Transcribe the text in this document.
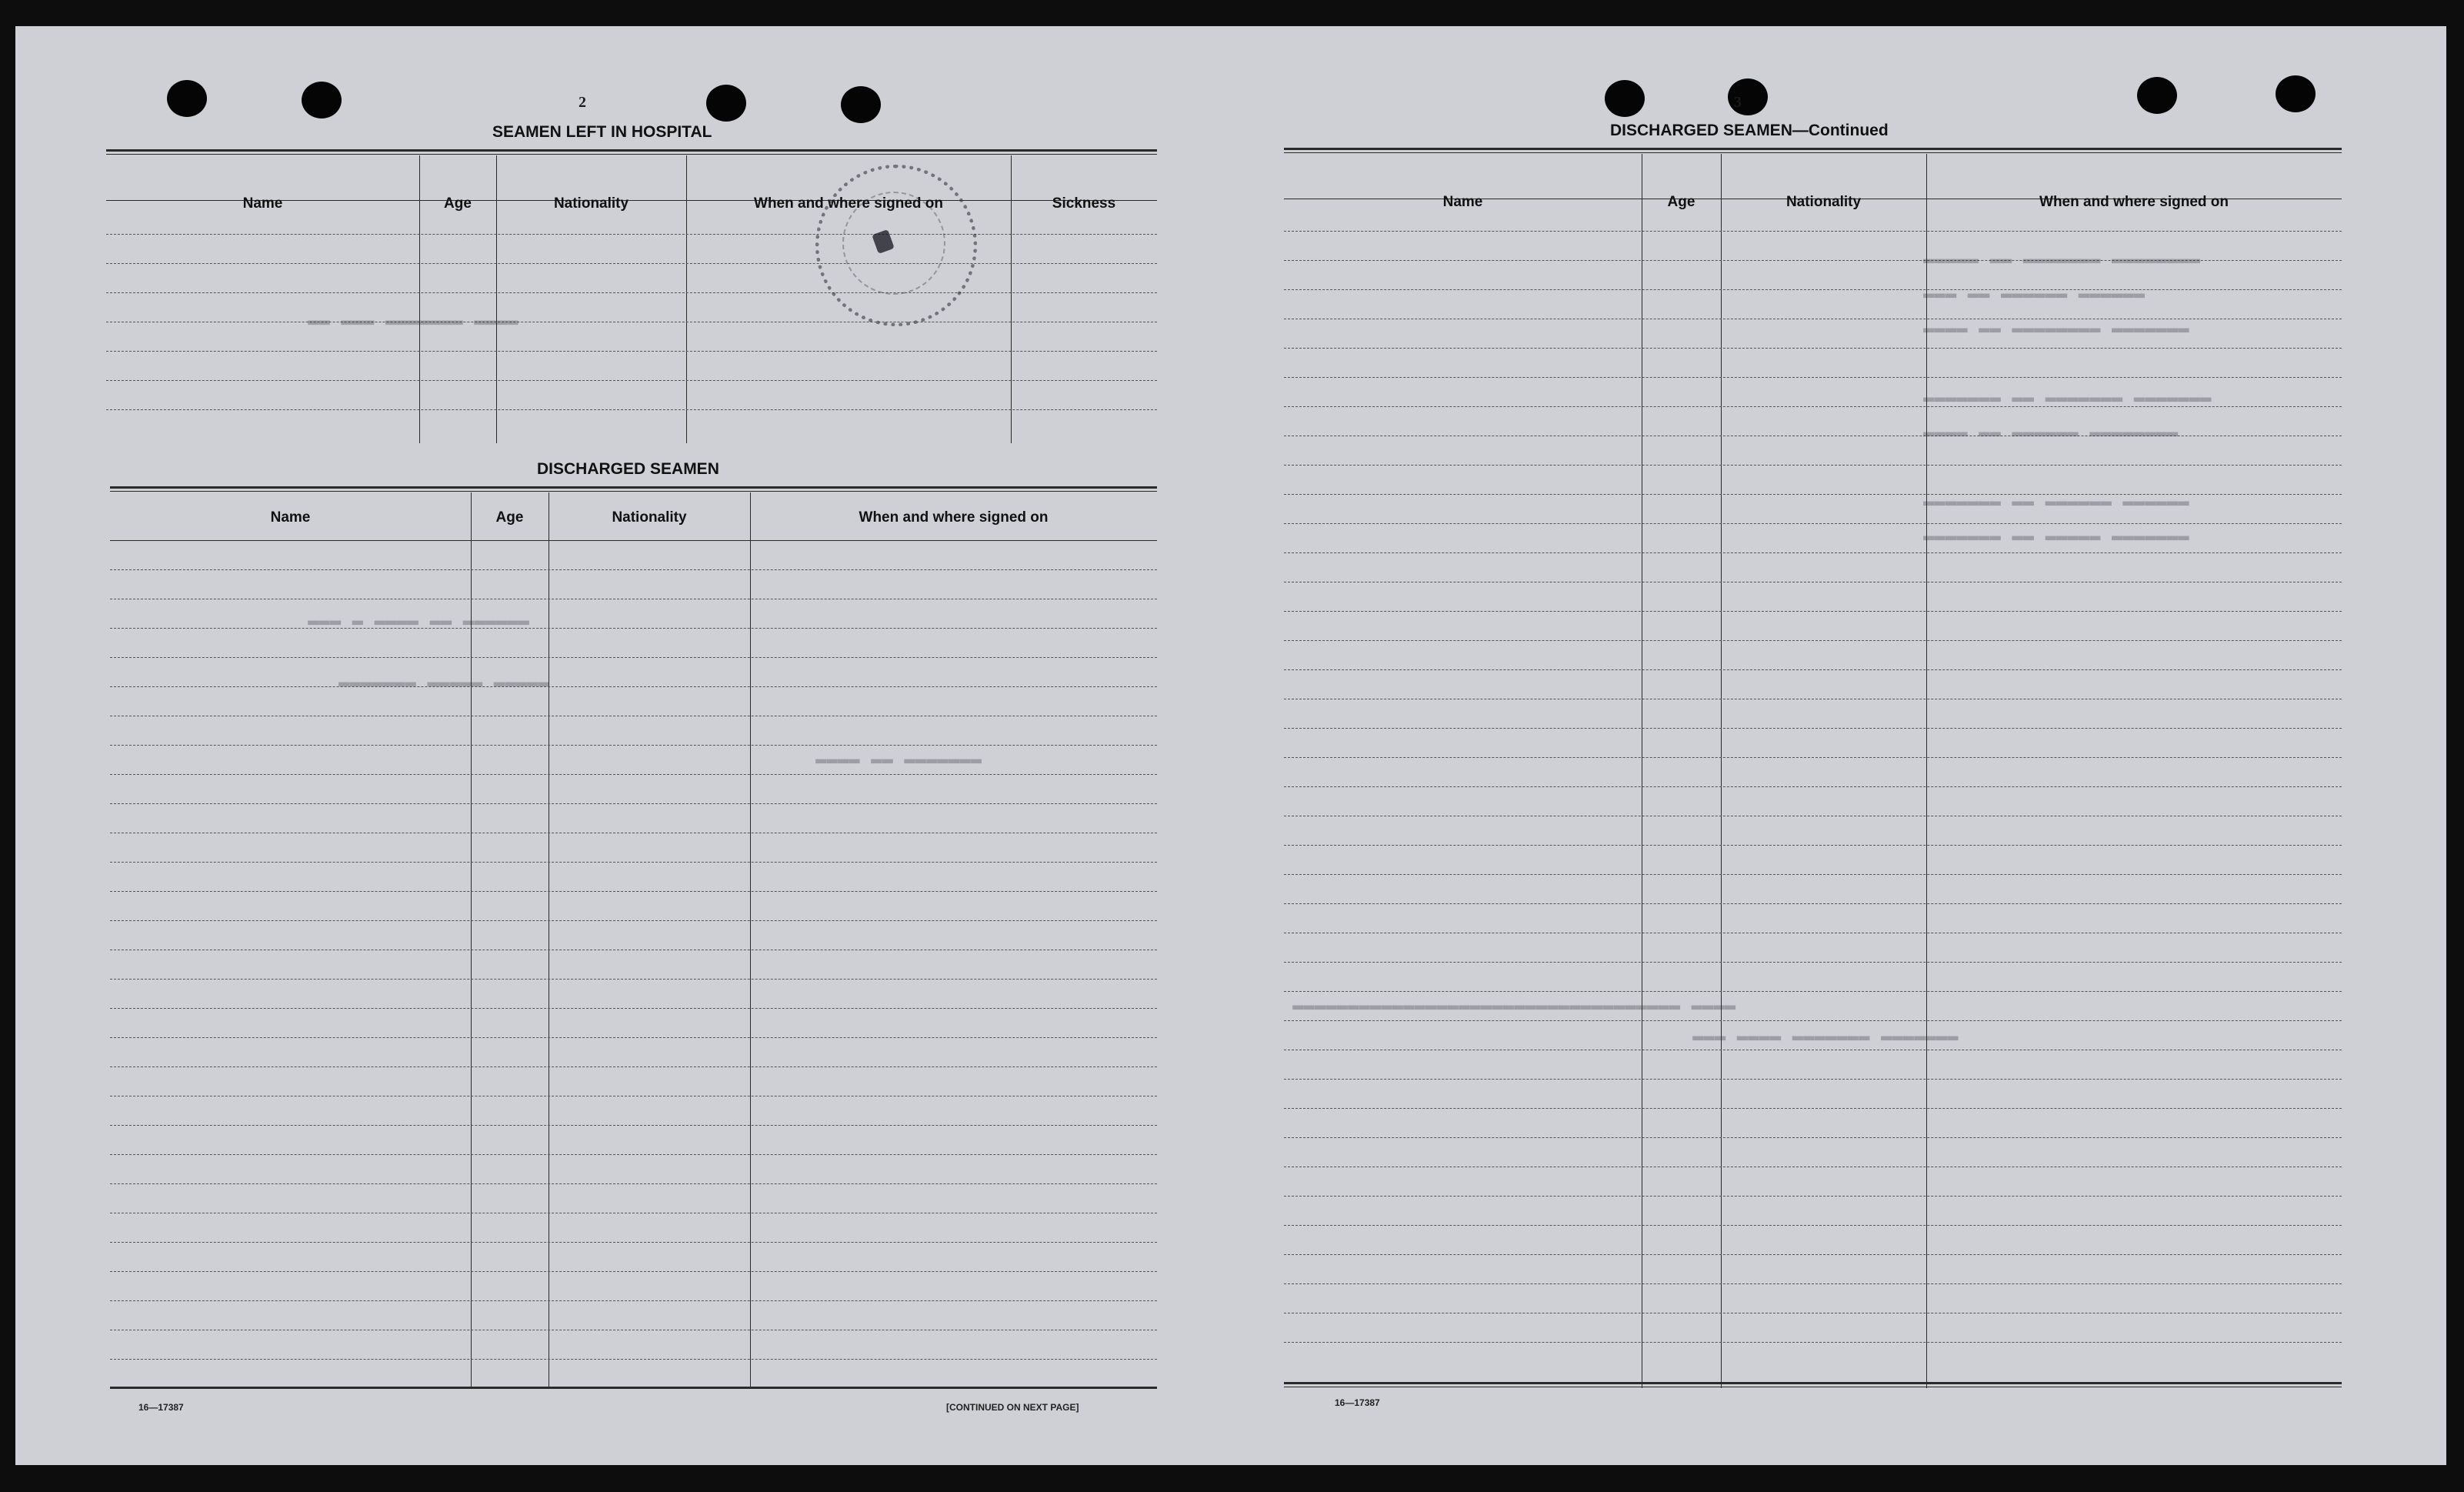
2
SEAMEN LEFT IN HOSPITAL
Name	Age	Nationality	When and where signed on	Sickness
DISCHARGED SEAMEN
Name	Age	Nationality	When and where signed on
16—17387	[CONTINUED ON NEXT PAGE]
▬▬▬▬ ▬▬▬▬▬▬▬ ▬▬▬ ▬▬
▬▬▬▬▬▬ ▬▬ ▬▬▬▬ ▬ ▬▬▬
▬▬▬▬▬ ▬▬▬▬▬ ▬▬▬▬▬▬▬
▬▬▬▬▬▬▬ ▬▬ ▬▬▬▬
3
DISCHARGED SEAMEN—Continued
Name	Age	Nationality	When and where signed on
16—17387
▬▬▬▬▬▬▬▬ ▬▬▬▬▬▬▬ ▬▬ ▬▬▬▬▬
▬▬▬▬▬▬ ▬▬▬▬▬▬ ▬▬ ▬▬▬
▬▬▬▬▬▬▬ ▬▬▬▬▬▬▬▬ ▬▬ ▬▬▬▬
▬▬▬▬▬▬▬ ▬▬▬▬▬▬▬ ▬▬ ▬▬▬▬▬▬▬
▬▬▬▬▬▬▬▬ ▬▬▬▬▬▬ ▬▬ ▬▬▬▬
▬▬▬▬▬▬ ▬▬▬▬▬▬ ▬▬ ▬▬▬▬▬▬▬
▬▬▬▬▬▬▬ ▬▬▬▬▬ ▬▬ ▬▬▬▬▬▬▬
▬▬▬▬ ▬▬▬▬▬▬▬▬▬▬▬▬▬▬▬▬▬▬▬▬▬▬▬▬▬▬▬▬▬▬▬▬▬▬▬
▬▬▬▬▬▬▬ ▬▬▬▬▬▬▬ ▬▬▬▬ ▬▬▬
